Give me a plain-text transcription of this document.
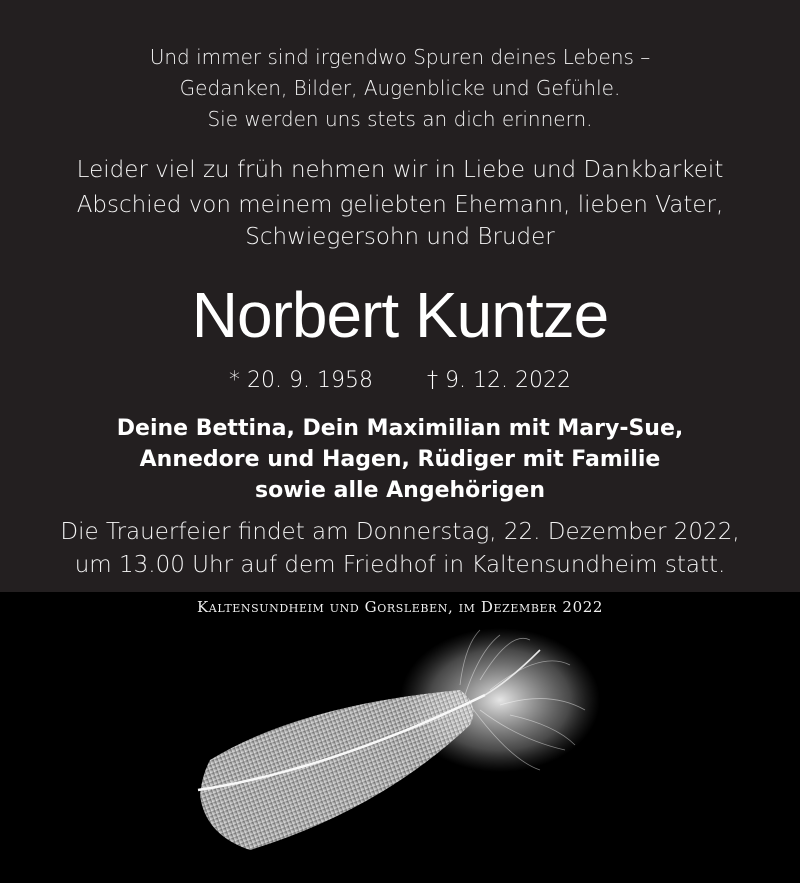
Und immer sind irgendwo Spuren deines Lebens –
Gedanken, Bilder, Augenblicke und Gefühle.
Sie werden uns stets an dich erinnern.
Leider viel zu früh nehmen wir in Liebe und Dankbarkeit
Abschied von meinem geliebten Ehemann, lieben Vater,
Schwiegersohn und Bruder
Norbert Kuntze
* 20. 9. 1958 † 9. 12. 2022
Deine Bettina, Dein Maximilian mit Mary-Sue,
Annedore und Hagen, Rüdiger mit Familie
sowie alle Angehörigen
Die Trauerfeier findet am Donnerstag, 22. Dezember 2022,
um 13.00 Uhr auf dem Friedhof in Kaltensundheim statt.
Kaltensundheim und Gorsleben, im Dezember 2022
